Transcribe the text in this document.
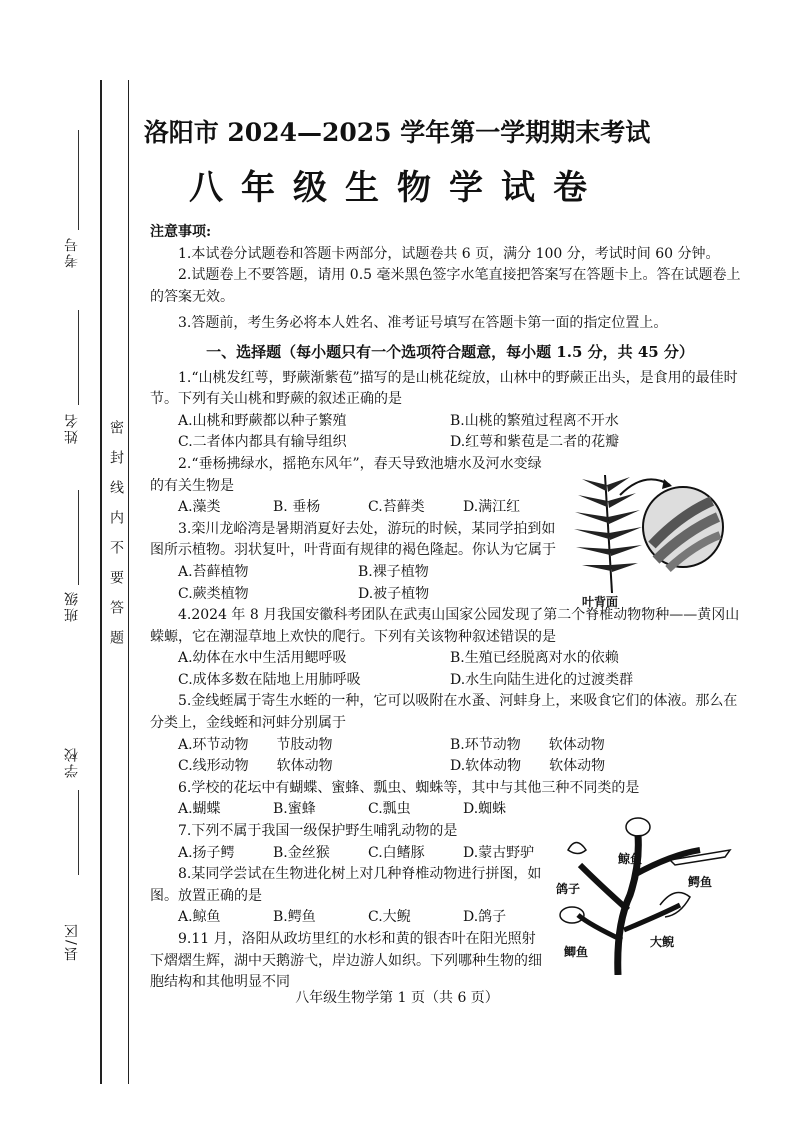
考号
姓名
班级
学校
县/区
密封线内不要答题
洛阳市 2024—2025 学年第一学期期末考试
八年级生物学试卷

注意事项:

1.本试卷分试题卷和答题卡两部分，试题卷共 6 页，满分 100 分，考试时间 60 分钟。

2.试题卷上不要答题，请用 0.5 毫米黑色签字水笔直接把答案写在答题卡上。答在试题卷上的答案无效。

3.答题前，考生务必将本人姓名、准考证号填写在答题卡第一面的指定位置上。

一、选择题（每小题只有一个选项符合题意，每小题 1.5 分，共 45 分）

1.“山桃发红萼，野蕨渐紫苞”描写的是山桃花绽放，山林中的野蕨正出头，是食用的最佳时节。下列有关山桃和野蕨的叙述正确的是

A.山桃和野蕨都以种子繁殖	B.山桃的繁殖过程离不开水
C.二者体内都具有输导组织	D.红萼和紫苞是二者的花瓣

2.“垂杨拂绿水，摇艳东风年”，春天导致池塘水及河水变绿的有关生物是

A.藻类	B. 垂杨	C.苔藓类	D.满江红

3.栾川龙峪湾是暑期消夏好去处，游玩的时候，某同学拍到如图所示植物。羽状复叶，叶背面有规律的褐色隆起。你认为它属于

A.苔藓植物	B.裸子植物
C.蕨类植物	D.被子植物

4.2024 年 8 月我国安徽科考团队在武夷山国家公园发现了第二个脊椎动物物种——黄冈山蝾螈，它在潮湿草地上欢快的爬行。下列有关该物种叙述错误的是

A.幼体在水中生活用鳃呼吸	B.生殖已经脱离对水的依赖
C.成体多数在陆地上用肺呼吸	D.水生向陆生进化的过渡类群

5.金线蛭属于寄生水蛭的一种，它可以吸附在水蚤、河蚌身上，来吸食它们的体液。那么在分类上，金线蛭和河蚌分别属于

A.环节动物　　节肢动物	B.环节动物　　软体动物
C.线形动物　　软体动物	D.软体动物　　软体动物

6.学校的花坛中有蝴蝶、蜜蜂、瓢虫、蜘蛛等，其中与其他三种不同类的是

A.蝴蝶	B.蜜蜂	C.瓢虫	D.蜘蛛

7.下列不属于我国一级保护野生哺乳动物的是

A.扬子鳄	B.金丝猴	C.白鳍豚	D.蒙古野驴

8.某同学尝试在生物进化树上对几种脊椎动物进行拼图，如图。放置正确的是

A.鲸鱼	B.鳄鱼	C.大鲵	D.鸽子

9.11 月，洛阳从政坊里红的水杉和黄的银杏叶在阳光照射下熠熠生辉，湖中天鹅游弋，岸边游人如织。下列哪种生物的细胞结构和其他明显不同

叶背面
鲸鱼
鸽子	鳄鱼
鲫鱼
大鲵
八年级生物学第 1 页（共 6 页）
